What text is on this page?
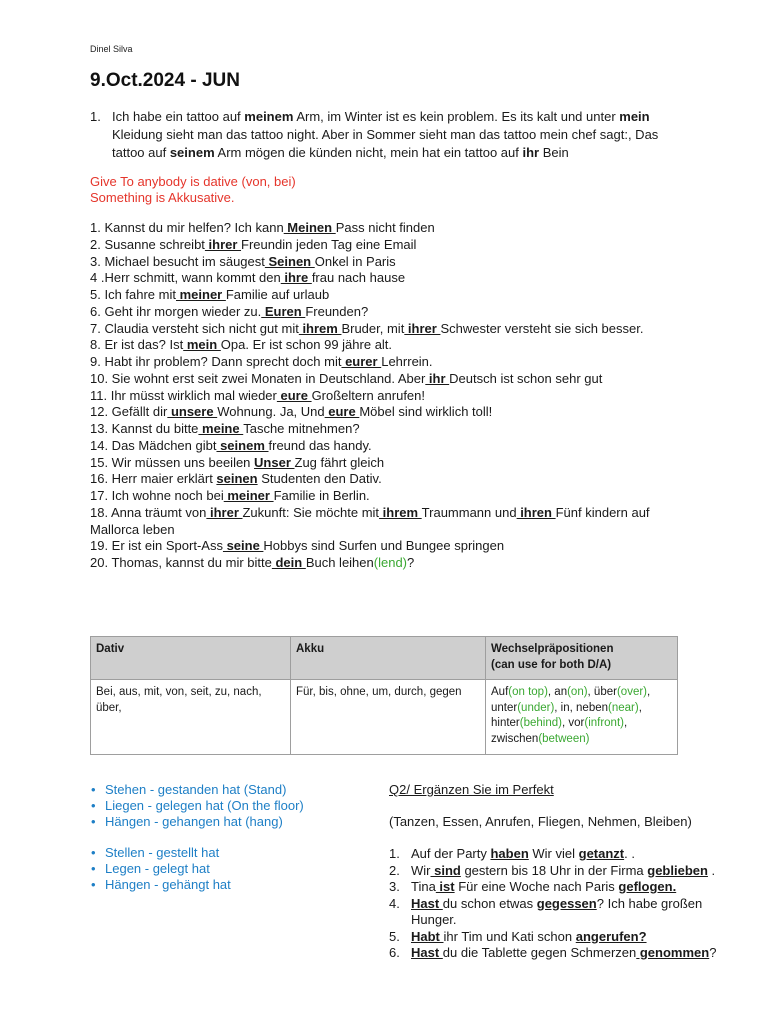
Dinel Silva
9.Oct.2024 - JUN
1. Ich habe ein tattoo auf meinem Arm, im Winter ist es kein problem. Es its kalt und unter mein Kleidung sieht man das tattoo night. Aber in Sommer sieht man das tattoo mein chef sagt:, Das tattoo auf seinem Arm mögen die künden nicht, mein hat ein tattoo auf ihr Bein
Give To anybody is dative (von, bei)
Something is Akkusative.
1. Kannst du mir helfen? Ich kann Meinen Pass nicht finden
2. Susanne schreibt ihrer Freundin jeden Tag eine Email
3. Michael besucht im säugest Seinen Onkel in Paris
4 .Herr schmitt, wann kommt den ihre frau nach hause
5. Ich fahre mit meiner Familie auf urlaub
6. Geht ihr morgen wieder zu. Euren Freunden?
7. Claudia versteht sich nicht gut mit ihrem Bruder, mit ihrer Schwester versteht sie sich besser.
8. Er ist das? Ist mein Opa. Er ist schon 99 jähre alt.
9. Habt ihr problem? Dann sprecht doch mit eurer Lehrrein.
10. Sie wohnt erst seit zwei Monaten in Deutschland. Aber ihr Deutsch ist schon sehr gut
11. Ihr müsst wirklich mal wieder eure Großeltern anrufen!
12. Gefällt dir unsere Wohnung. Ja, Und eure Möbel sind wirklich toll!
13. Kannst du bitte meine Tasche mitnehmen?
14. Das Mädchen gibt seinem freund das handy.
15. Wir müssen uns beeilen Unser Zug fährt gleich
16. Herr maier erklärt seinen Studenten den Dativ.
17. Ich wohne noch bei meiner Familie in Berlin.
18. Anna träumt von ihrer Zukunft: Sie möchte mit ihrem Traummann und ihren Fünf kindern auf Mallorca leben
19. Er ist ein Sport-Ass seine Hobbys sind Surfen und Bungee springen
20. Thomas, kannst du mir bitte dein Buch leihen(lend)?
Dativ	Akku	Wechselpräpositionen
(can use for both D/A)
Bei, aus, mit, von, seit, zu, nach, über,	Für, bis, ohne, um, durch, gegen	Auf(on top), an(on), über(over), unter(under), in, neben(near), hinter(behind), vor(infront), zwischen(between)
• Stehen - gestanden hat (Stand)
• Liegen - gelegen hat (On the floor)
• Hängen - gehangen hat (hang)
• Stellen - gestellt hat
• Legen - gelegt hat
• Hängen - gehängt hat
Q2/ Ergänzen Sie im Perfekt
(Tanzen, Essen, Anrufen, Fliegen, Nehmen, Bleiben)
1. Auf der Party haben Wir viel getanzt. .
2. Wir sind gestern bis 18 Uhr in der Firma geblieben .
3. Tina ist Für eine Woche nach Paris geflogen.
4. Hast du schon etwas gegessen? Ich habe großen Hunger.
5. Habt ihr Tim und Kati schon angerufen?
6. Hast du die Tablette gegen Schmerzen genommen?
